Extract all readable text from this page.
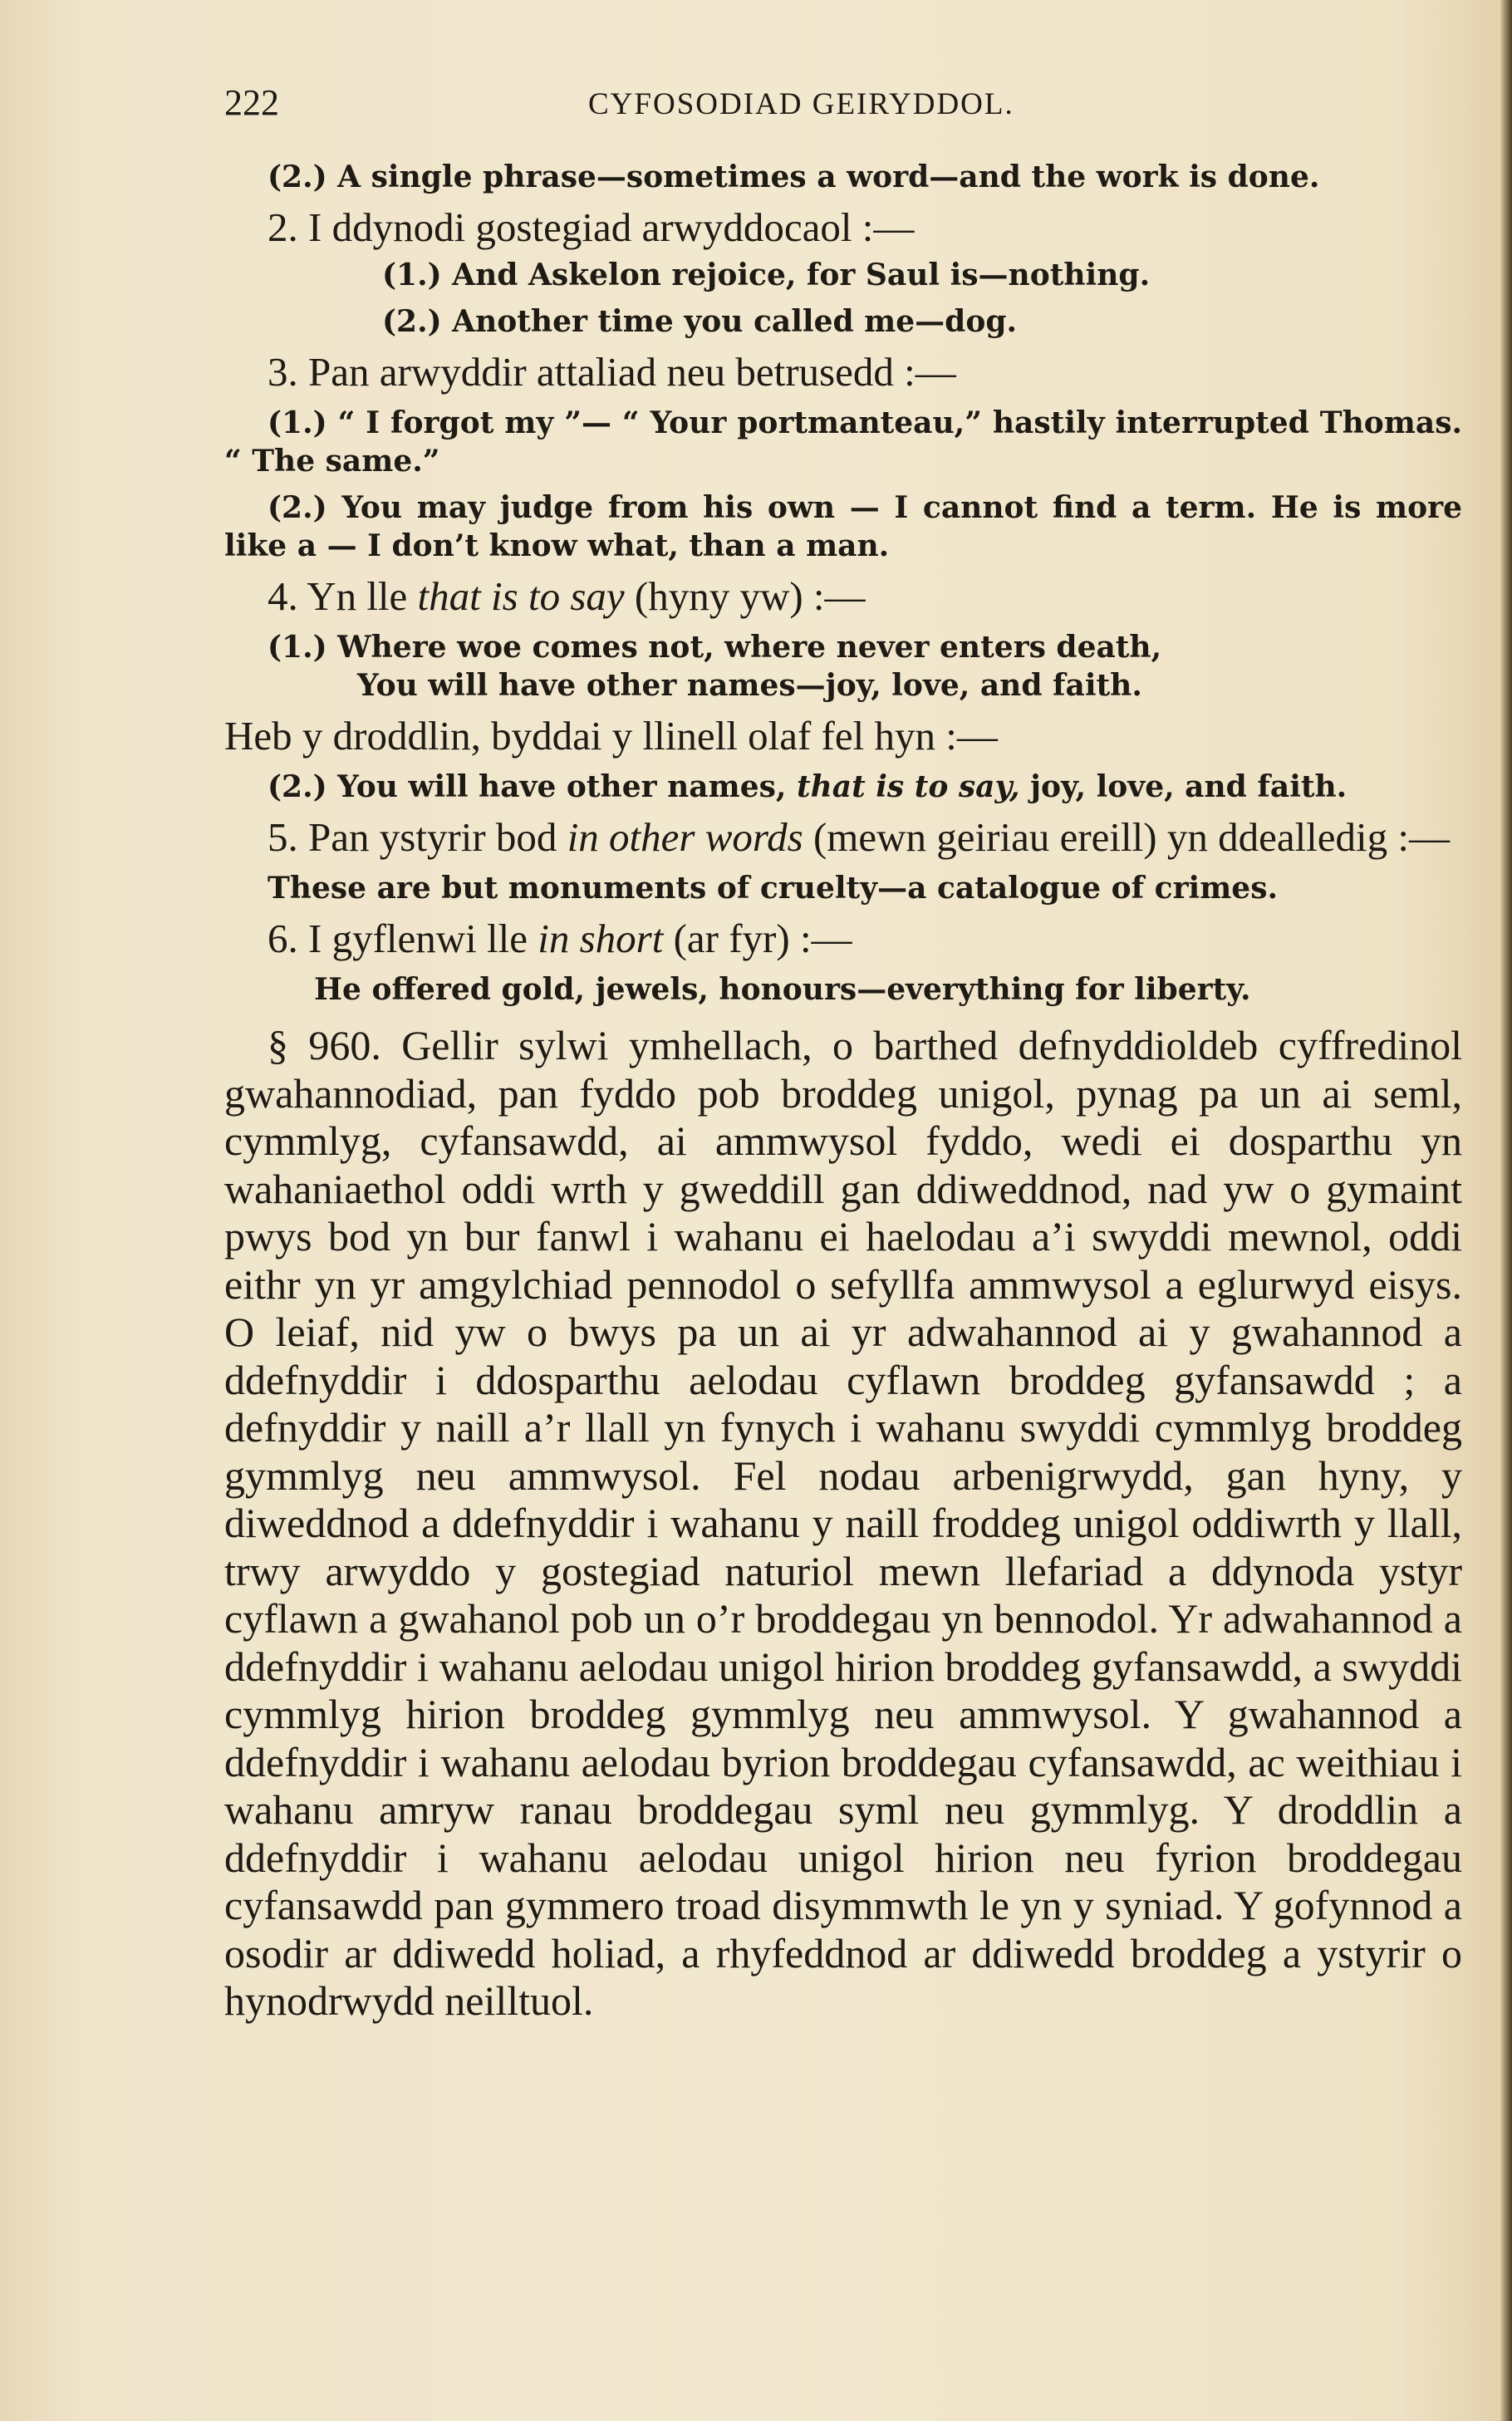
222	CYFOSODIAD GEIRYDDOL.

(2.) A single phrase—sometimes a word—and the work is done.

2. I ddynodi gostegiad arwyddocaol :—

(1.) And Askelon rejoice, for Saul is—nothing.

(2.) Another time you called me—dog.

3. Pan arwyddir attaliad neu betrusedd :—

(1.) “ I forgot my ”— “ Your portmanteau,” hastily interrupted Thomas. “ The same.”

(2.) You may judge from his own — I cannot find a term. He is more like a — I don’t know what, than a man.

4. Yn lle that is to say (hyny yw) :—

(1.) Where woe comes not, where never enters death,

You will have other names—joy, love, and faith.

Heb y droddlin, byddai y llinell olaf fel hyn :—

(2.) You will have other names, that is to say, joy, love, and faith.

5. Pan ystyrir bod in other words (mewn geiriau ereill) yn ddealledig :—

These are but monuments of cruelty—a catalogue of crimes.

6. I gyflenwi lle in short (ar fyr) :—

He offered gold, jewels, honours—everything for liberty.

§ 960. Gellir sylwi ymhellach, o barthed defnyddioldeb cyffredinol gwahannodiad, pan fyddo pob broddeg unigol, pynag pa un ai seml, cymmlyg, cyfansawdd, ai ammwysol fyddo, wedi ei dosparthu yn wahaniaethol oddi wrth y gweddill gan ddiweddnod, nad yw o gymaint pwys bod yn bur fanwl i wahanu ei haelodau a’i swyddi mewnol, oddi eithr yn yr amgylchiad pennodol o sefyllfa ammwysol a eglurwyd eisys. O leiaf, nid yw o bwys pa un ai yr adwahannod ai y gwahannod a ddefnyddir i ddosparthu aelodau cyflawn broddeg gyfansawdd ; a defnyddir y naill a’r llall yn fynych i wahanu swyddi cymmlyg broddeg gymmlyg neu ammwysol. Fel nodau arbenigrwydd, gan hyny, y diweddnod a ddefnyddir i wahanu y naill froddeg unigol oddiwrth y llall, trwy arwyddo y gostegiad naturiol mewn llefariad a ddynoda ystyr cyflawn a gwahanol pob un o’r broddegau yn bennodol. Yr adwahannod a ddefnyddir i wahanu aelodau unigol hirion broddeg gyfansawdd, a swyddi cymmlyg hirion broddeg gymmlyg neu ammwysol. Y gwahannod a ddefnyddir i wahanu aelodau byrion broddegau cyfansawdd, ac weithiau i wahanu amryw ranau broddegau syml neu gymmlyg. Y droddlin a ddefnyddir i wahanu aelodau unigol hirion neu fyrion broddegau cyfansawdd pan gymmero troad disymmwth le yn y syniad. Y gofynnod a osodir ar ddiwedd holiad, a rhyfeddnod ar ddiwedd broddeg a ystyrir o hynodrwydd neilltuol.
